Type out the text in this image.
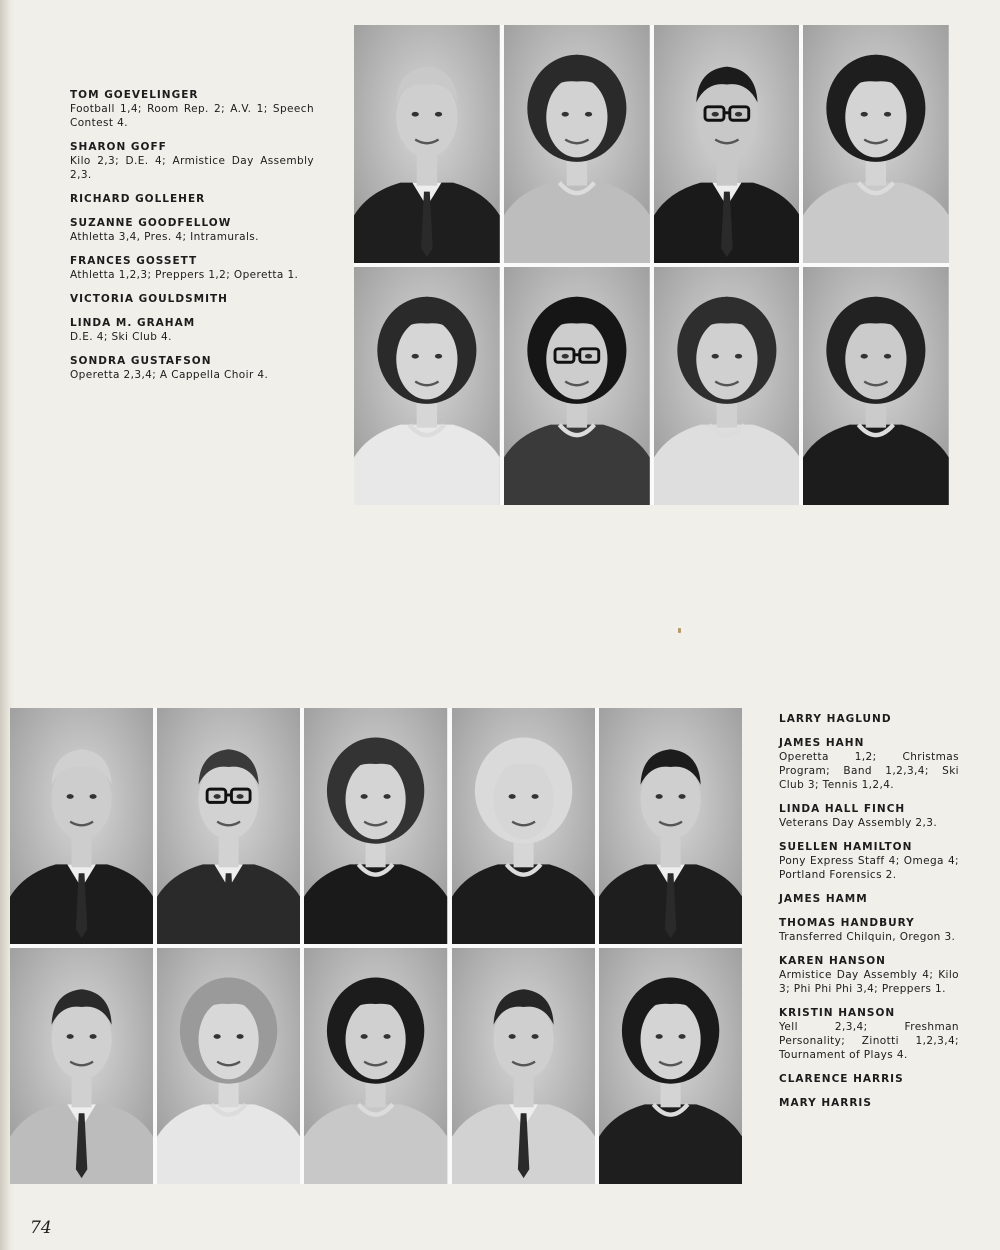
TOM GOEVELINGER
Football 1,4; Room Rep. 2; A.V. 1; Speech Contest 4.
SHARON GOFF
Kilo 2,3; D.E. 4; Armistice Day Assembly 2,3.
RICHARD GOLLEHER
SUZANNE GOODFELLOW
Athletta 3,4, Pres. 4; Intramurals.
FRANCES GOSSETT
Athletta 1,2,3; Preppers 1,2; Operetta 1.
VICTORIA GOULDSMITH
LINDA M. GRAHAM
D.E. 4; Ski Club 4.
SONDRA GUSTAFSON
Operetta 2,3,4; A Cappella Choir 4.
LARRY HAGLUND
JAMES HAHN
Operetta 1,2; Christmas Program; Band 1,2,3,4; Ski Club 3; Tennis 1,2,4.
LINDA HALL FINCH
Veterans Day Assembly 2,3.
SUELLEN HAMILTON
Pony Express Staff 4; Omega 4; Portland Forensics 2.
JAMES HAMM
THOMAS HANDBURY
Transferred Chilquin, Oregon 3.
KAREN HANSON
Armistice Day Assembly 4; Kilo 3; Phi Phi Phi 3,4; Preppers 1.
KRISTIN HANSON
Yell 2,3,4; Freshman Personality; Zinotti 1,2,3,4; Tournament of Plays 4.
CLARENCE HARRIS
MARY HARRIS
74
